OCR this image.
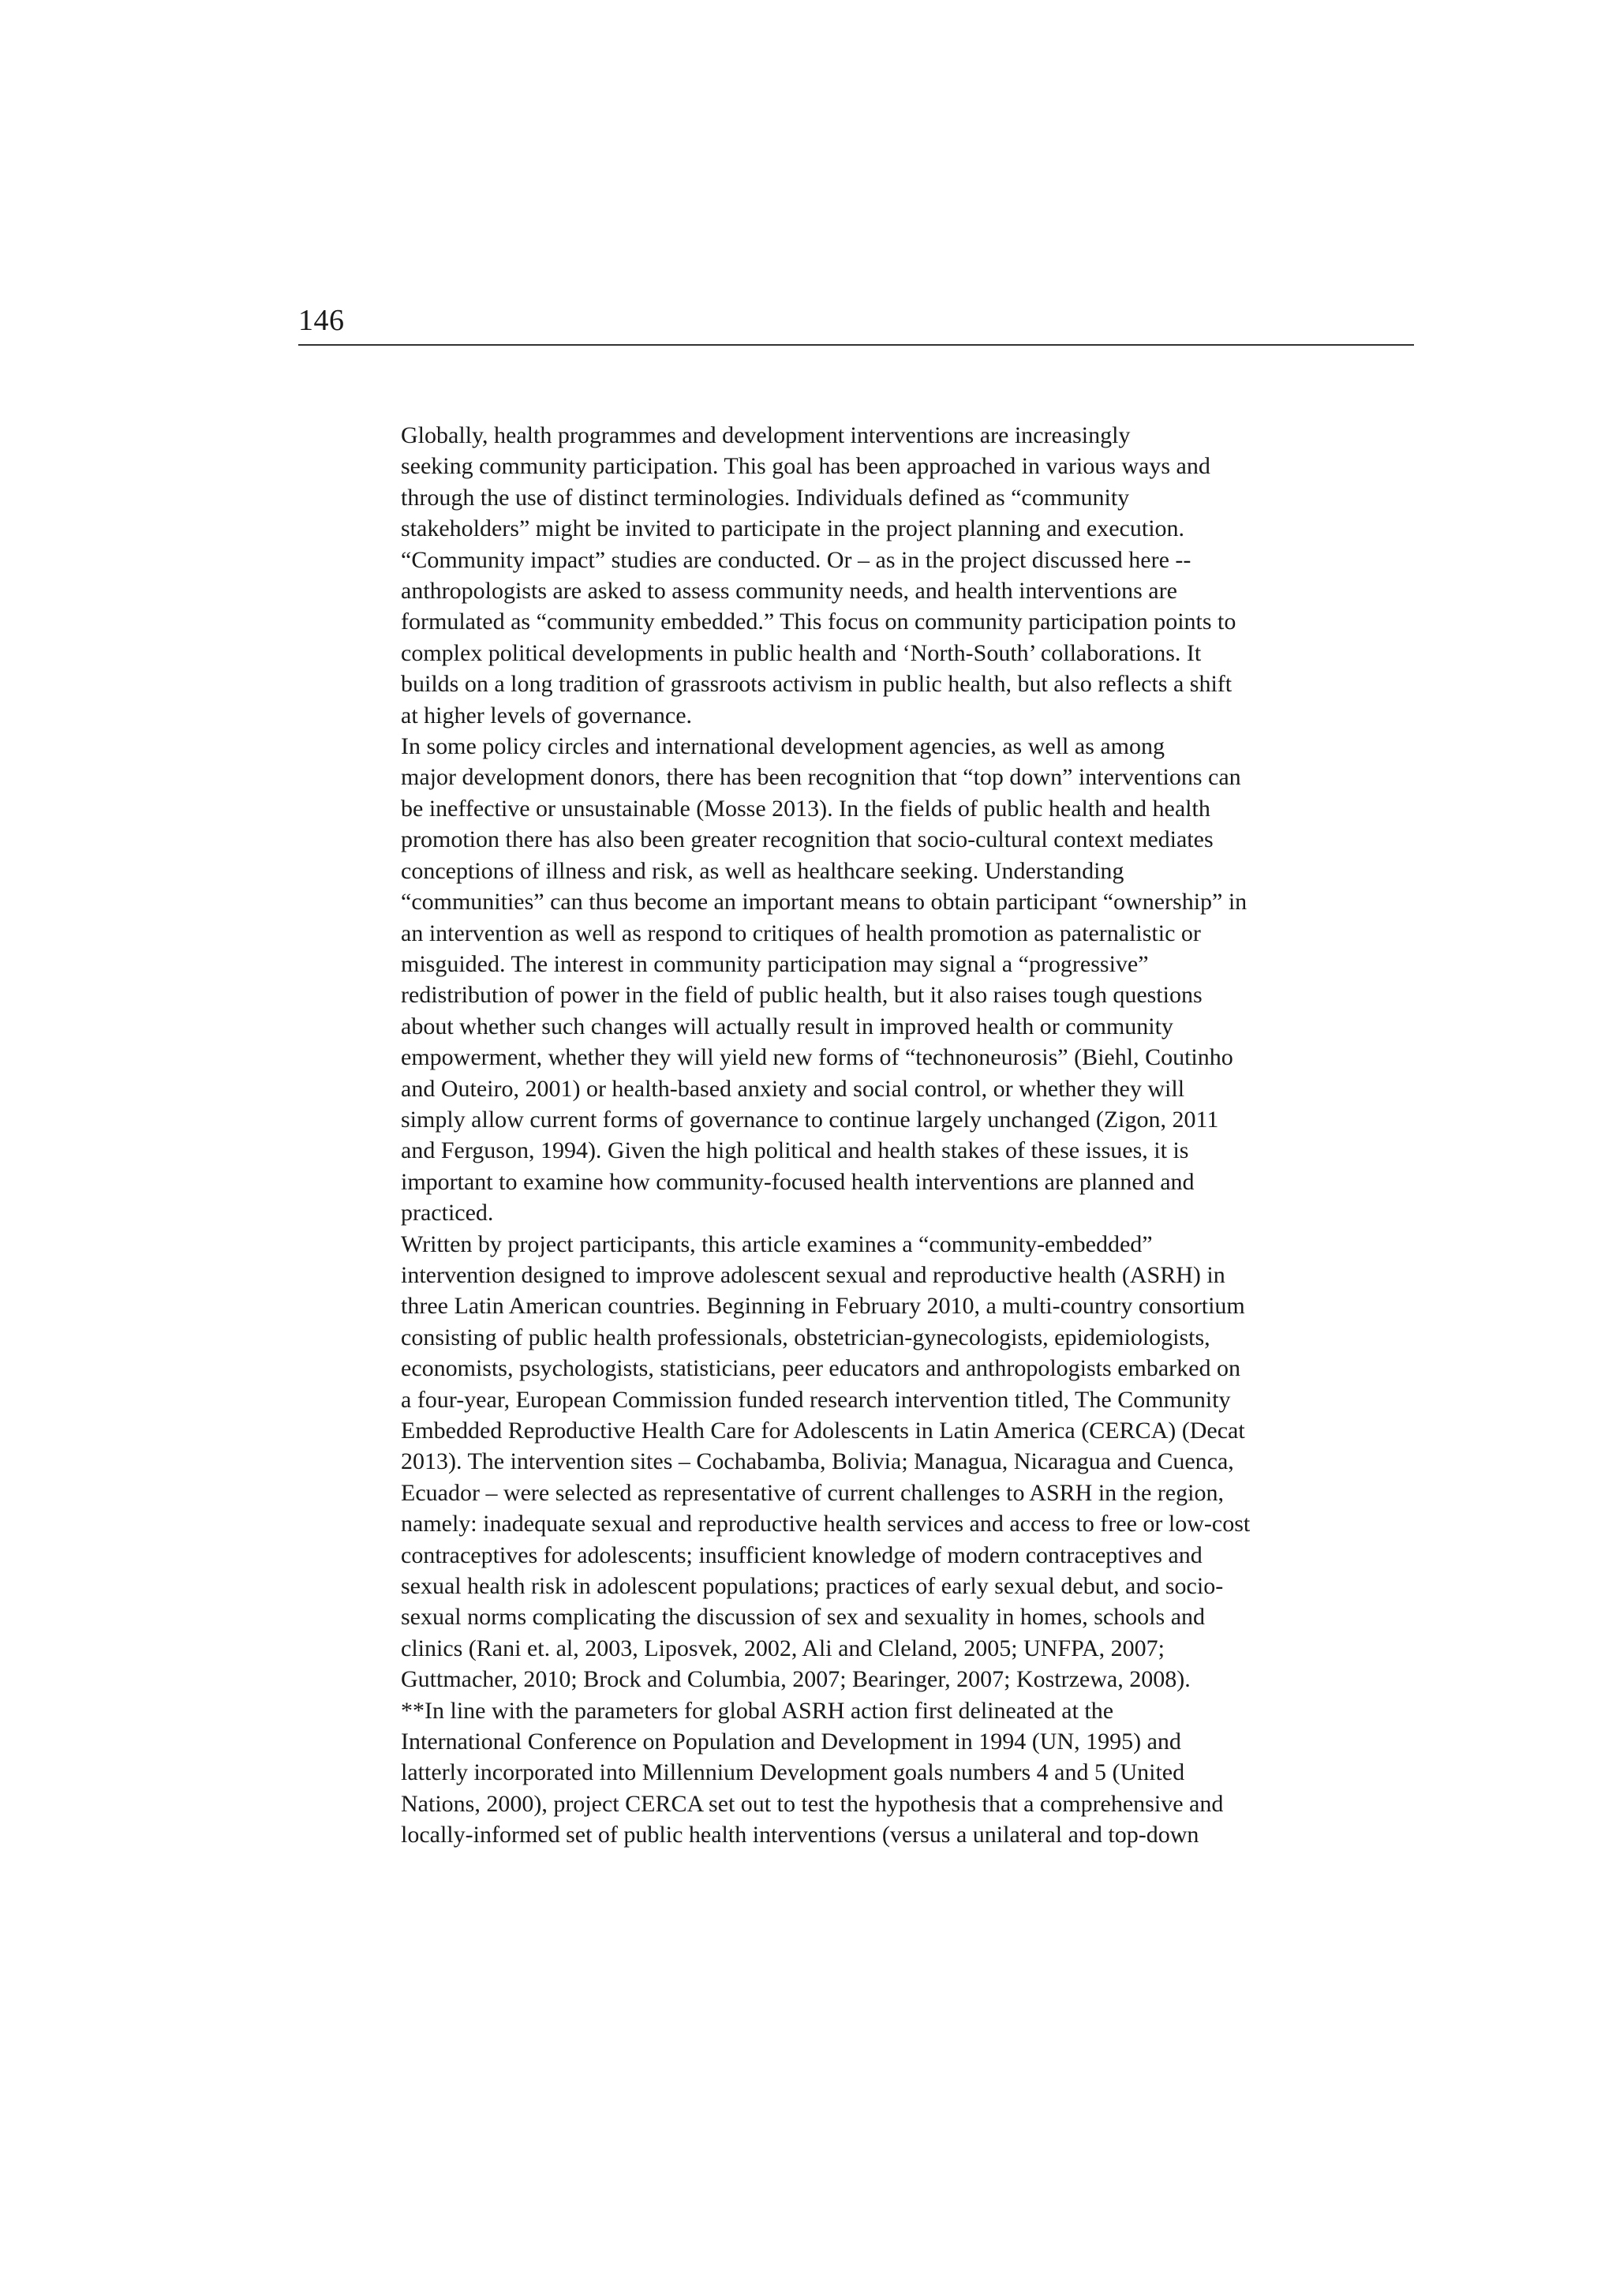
146

Globally, health programmes and development interventions are increasingly
seeking community participation. This goal has been approached in various ways and
through the use of distinct terminologies. Individuals defined as “community
stakeholders” might be invited to participate in the project planning and execution.
“Community impact” studies are conducted. Or – as in the project discussed here --
anthropologists are asked to assess community needs, and health interventions are
formulated as “community embedded.” This focus on community participation points to
complex political developments in public health and ‘North-South’ collaborations. It
builds on a long tradition of grassroots activism in public health, but also reflects a shift
at higher levels of governance.

In some policy circles and international development agencies, as well as among
major development donors, there has been recognition that “top down” interventions can
be ineffective or unsustainable (Mosse 2013). In the fields of public health and health
promotion there has also been greater recognition that socio-cultural context mediates
conceptions of illness and risk, as well as healthcare seeking. Understanding
“communities” can thus become an important means to obtain participant “ownership” in
an intervention as well as respond to critiques of health promotion as paternalistic or
misguided. The interest in community participation may signal a “progressive”
redistribution of power in the field of public health, but it also raises tough questions
about whether such changes will actually result in improved health or community
empowerment, whether they will yield new forms of “technoneurosis” (Biehl, Coutinho
and Outeiro, 2001) or health-based anxiety and social control, or whether they will
simply allow current forms of governance to continue largely unchanged (Zigon, 2011
and Ferguson, 1994). Given the high political and health stakes of these issues, it is
important to examine how community-focused health interventions are planned and
practiced.

Written by project participants, this article examines a “community-embedded”
intervention designed to improve adolescent sexual and reproductive health (ASRH) in
three Latin American countries. Beginning in February 2010, a multi-country consortium
consisting of public health professionals, obstetrician-gynecologists, epidemiologists,
economists, psychologists, statisticians, peer educators and anthropologists embarked on
a four-year, European Commission funded research intervention titled, The Community
Embedded Reproductive Health Care for Adolescents in Latin America (CERCA) (Decat
2013). The intervention sites – Cochabamba, Bolivia; Managua, Nicaragua and Cuenca,
Ecuador – were selected as representative of current challenges to ASRH in the region,
namely: inadequate sexual and reproductive health services and access to free or low-cost
contraceptives for adolescents; insufficient knowledge of modern contraceptives and
sexual health risk in adolescent populations; practices of early sexual debut, and socio-
sexual norms complicating the discussion of sex and sexuality in homes, schools and
clinics (Rani et. al, 2003, Liposvek, 2002, Ali and Cleland, 2005; UNFPA, 2007;
Guttmacher, 2010; Brock and Columbia, 2007; Bearinger, 2007; Kostrzewa, 2008).

**In line with the parameters for global ASRH action first delineated at the
International Conference on Population and Development in 1994 (UN, 1995) and
latterly incorporated into Millennium Development goals numbers 4 and 5 (United
Nations, 2000), project CERCA set out to test the hypothesis that a comprehensive and
locally-informed set of public health interventions (versus a unilateral and top-down
